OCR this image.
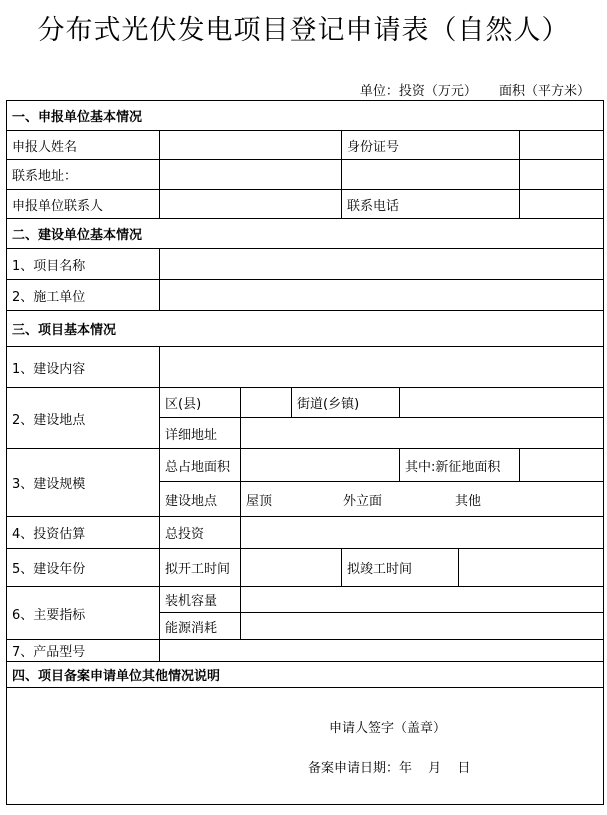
分布式光伏发电项目登记申请表（自然人）
单位：投资（万元） 面积（平方米）
一、申报单位基本情况							
申报人姓名				身份证号			
联系地址：							
申报单位联系人				联系电话			
二、建设单位基本情况							
1、项目名称							
2、施工单位							
三、项目基本情况							
1、建设内容							
2、建设地点	区(县)		街道(乡镇)				
	详细地址						
3、建设规模	总占地面积				其中:新征地面积		
	建设地点	屋顶 外立面 其他					
4、投资估算	总投资						
5、建设年份	拟开工时间			拟竣工时间			
6、主要指标	装机容量						
	能源消耗						
7、产品型号							
四、项目备案申请单位其他情况说明							

申请人签字（盖章）
备案申请日期：年 月 日							
